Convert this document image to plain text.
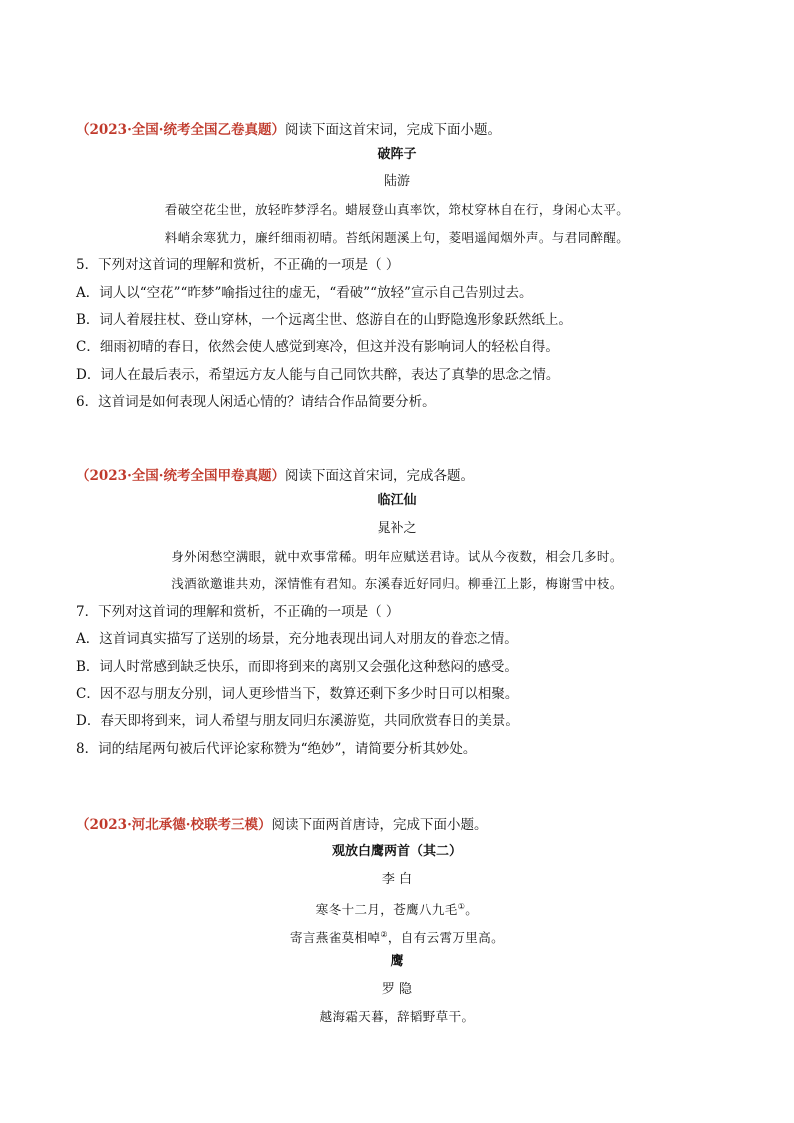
（2023·全国·统考全国乙卷真题）阅读下面这首宋词，完成下面小题。
破阵子
陆游
看破空花尘世，放轻昨梦浮名。蜡屐登山真率饮，筇杖穿林自在行，身闲心太平。
料峭余寒犹力，廉纤细雨初晴。苔纸闲题溪上句，菱唱遥闻烟外声。与君同醉醒。
5．下列对这首词的理解和赏析，不正确的一项是（ ）
A．词人以“空花”“昨梦”喻指过往的虚无，“看破”“放轻”宣示自己告别过去。
B．词人着屐拄杖、登山穿林，一个远离尘世、悠游自在的山野隐逸形象跃然纸上。
C．细雨初晴的春日，依然会使人感觉到寒冷，但这并没有影响词人的轻松自得。
D．词人在最后表示，希望远方友人能与自己同饮共醉，表达了真挚的思念之情。
6．这首词是如何表现人闲适心情的？请结合作品简要分析。
（2023·全国·统考全国甲卷真题）阅读下面这首宋词，完成各题。
临江仙
晁补之
身外闲愁空满眼，就中欢事常稀。明年应赋送君诗。试从今夜数，相会几多时。
浅酒欲邀谁共劝，深情惟有君知。东溪春近好同归。柳垂江上影，梅谢雪中枝。
7．下列对这首词的理解和赏析，不正确的一项是（ ）
A．这首词真实描写了送别的场景，充分地表现出词人对朋友的眷恋之情。
B．词人时常感到缺乏快乐，而即将到来的离别又会强化这种愁闷的感受。
C．因不忍与朋友分别，词人更珍惜当下，数算还剩下多少时日可以相聚。
D．春天即将到来，词人希望与朋友同归东溪游览，共同欣赏春日的美景。
8．词的结尾两句被后代评论家称赞为“绝妙”，请简要分析其妙处。
（2023·河北承德·校联考三模）阅读下面两首唐诗，完成下面小题。
观放白鹰两首（其二）
李 白
寒冬十二月，苍鹰八九毛①。
寄言燕雀莫相啅②，自有云霄万里高。
鹰
罗 隐
越海霜天暮，辞韬野草干。
